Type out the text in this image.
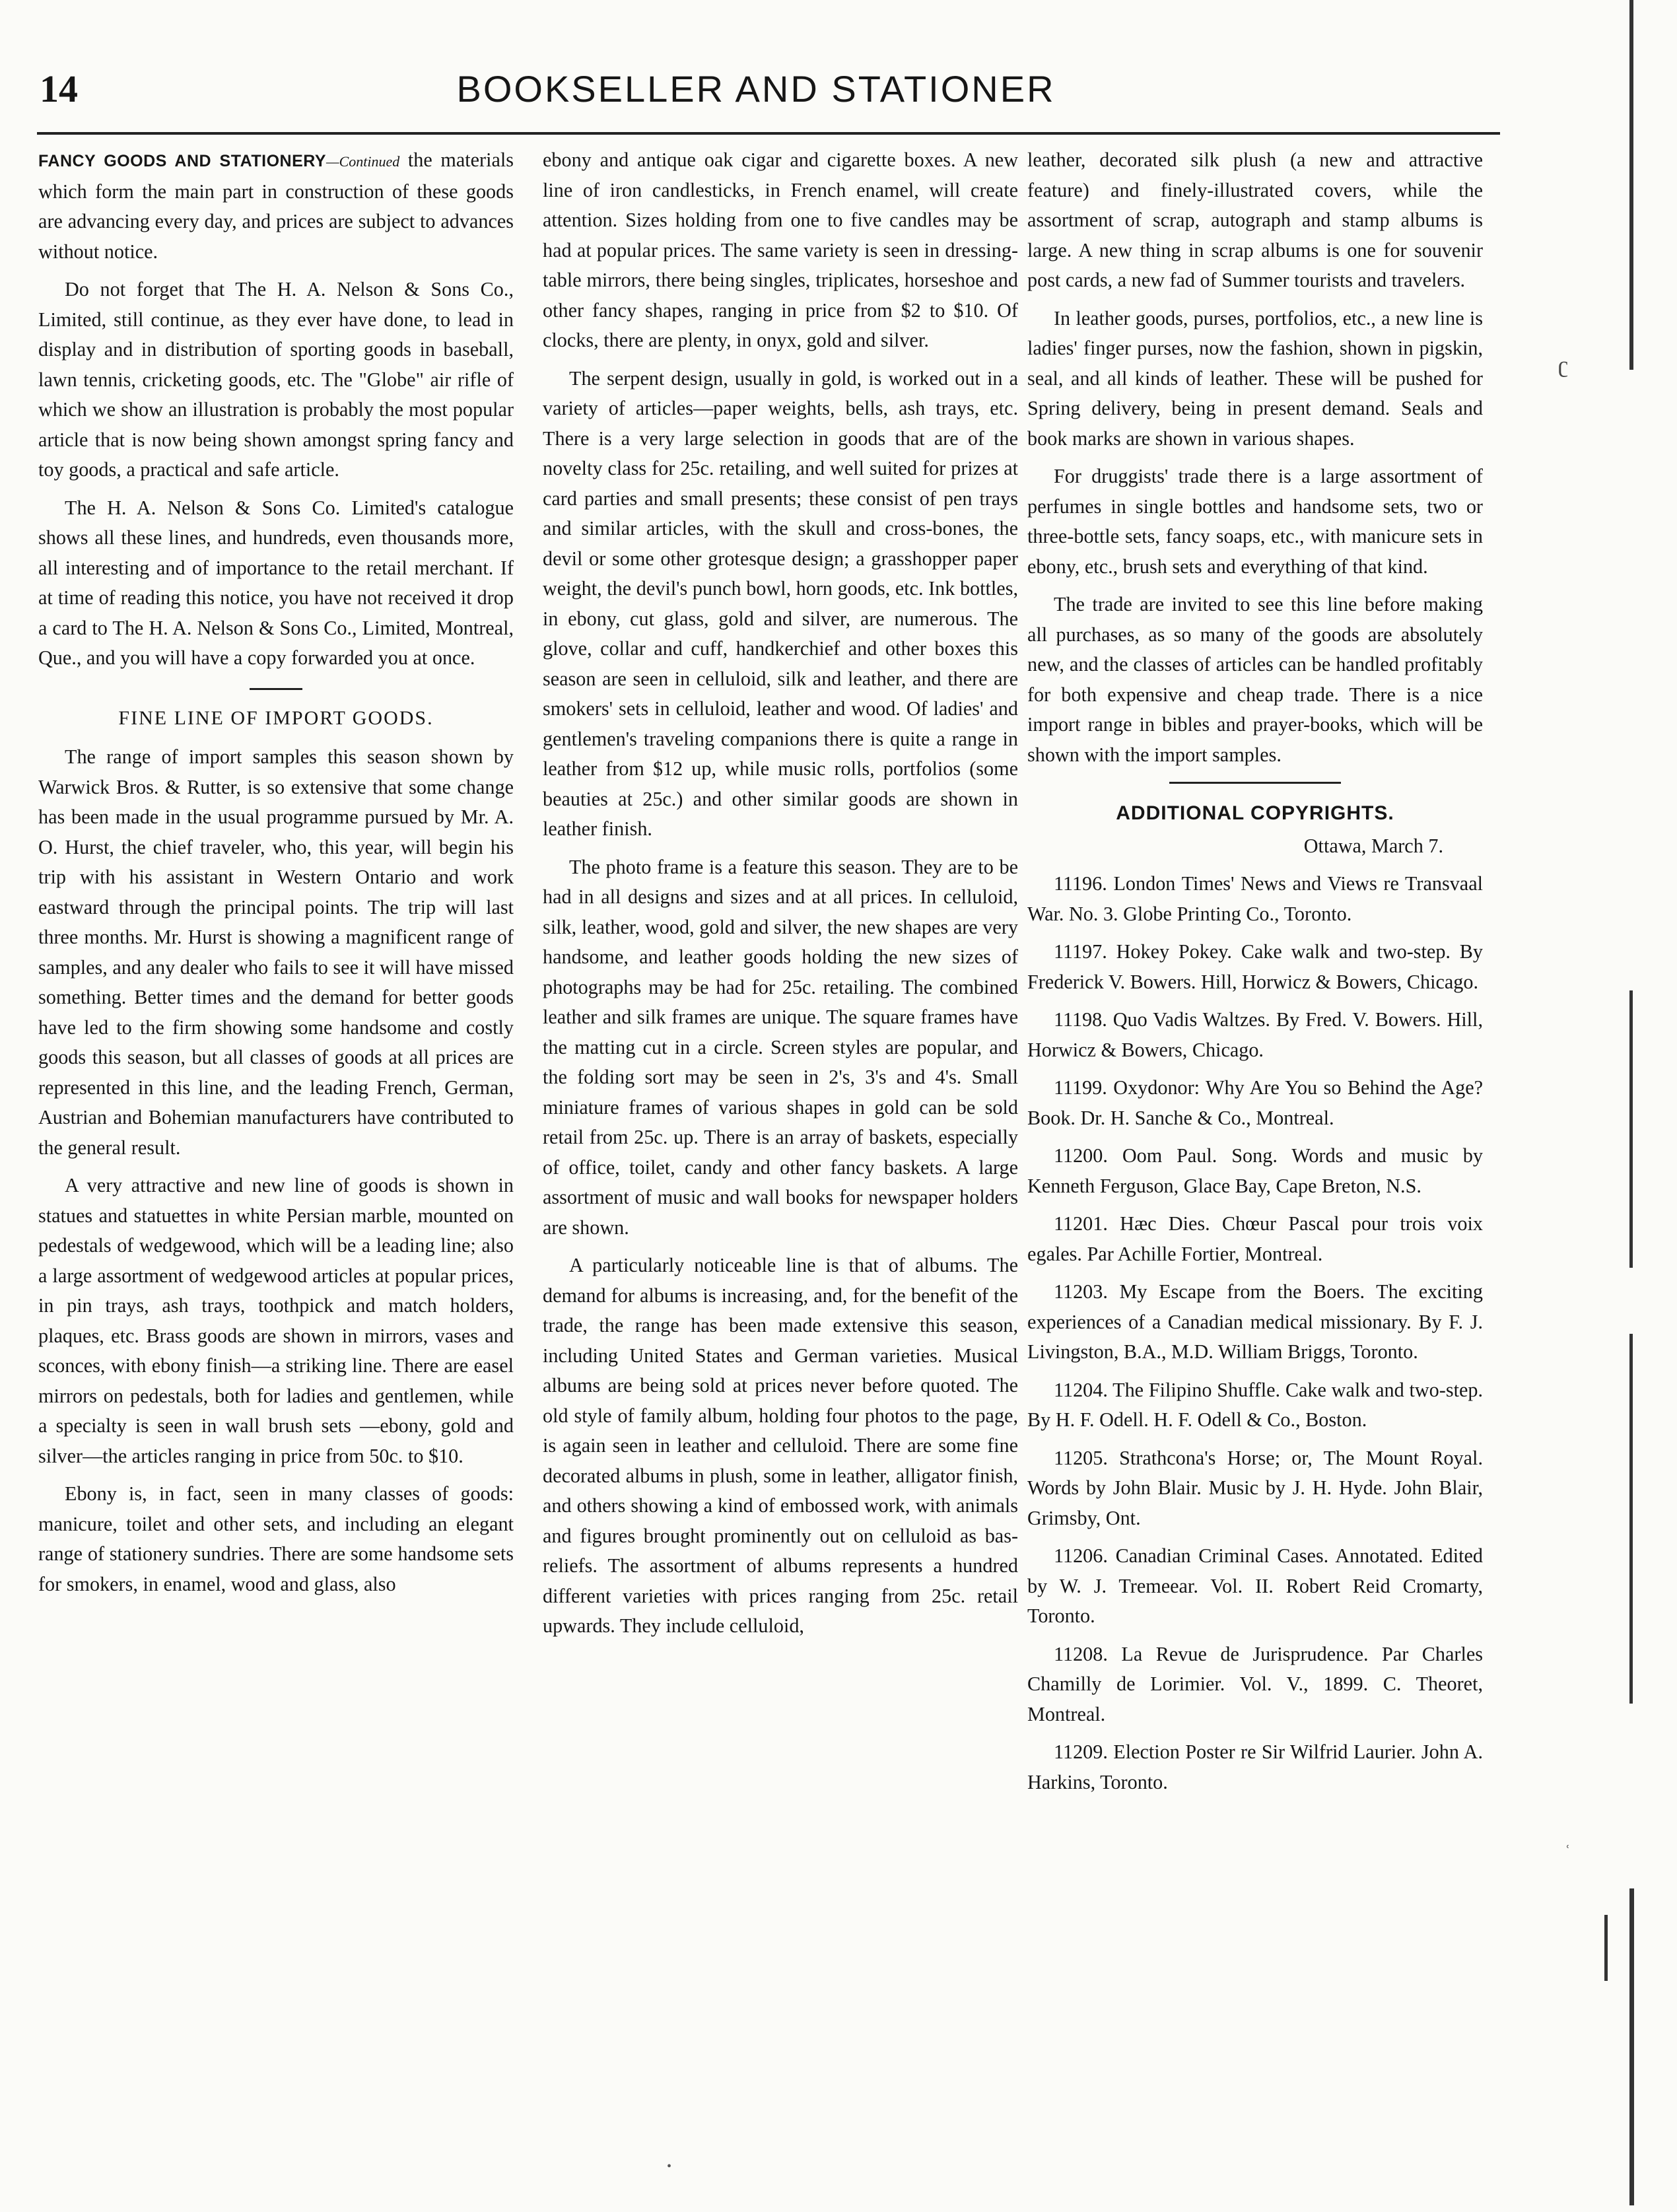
14	BOOKSELLER AND STATIONER

FANCY GOODS AND STATIONERY—Continued the materials which form the main part in construction of these goods are advancing every day, and prices are subject to advances without notice.

Do not forget that The H. A. Nelson & Sons Co., Limited, still continue, as they ever have done, to lead in display and in distribution of sporting goods in baseball, lawn tennis, cricketing goods, etc. The "Globe" air rifle of which we show an illustration is probably the most popular article that is now being shown amongst spring fancy and toy goods, a practical and safe article.

The H. A. Nelson & Sons Co. Limited's catalogue shows all these lines, and hundreds, even thousands more, all interesting and of importance to the retail merchant. If at time of reading this notice, you have not received it drop a card to The H. A. Nelson & Sons Co., Limited, Montreal, Que., and you will have a copy forwarded you at once.

FINE LINE OF IMPORT GOODS.

The range of import samples this season shown by Warwick Bros. & Rutter, is so extensive that some change has been made in the usual programme pursued by Mr. A. O. Hurst, the chief traveler, who, this year, will begin his trip with his assistant in Western Ontario and work eastward through the principal points. The trip will last three months. Mr. Hurst is showing a magnificent range of samples, and any dealer who fails to see it will have missed something. Better times and the demand for better goods have led to the firm showing some handsome and costly goods this season, but all classes of goods at all prices are represented in this line, and the leading French, German, Austrian and Bohemian manufacturers have contributed to the general result.

A very attractive and new line of goods is shown in statues and statuettes in white Persian marble, mounted on pedestals of wedgewood, which will be a leading line; also a large assortment of wedgewood articles at popular prices, in pin trays, ash trays, toothpick and match holders, plaques, etc. Brass goods are shown in mirrors, vases and sconces, with ebony finish—a striking line. There are easel mirrors on pedestals, both for ladies and gentlemen, while a specialty is seen in wall brush sets —ebony, gold and silver—the articles ranging in price from 50c. to $10.

Ebony is, in fact, seen in many classes of goods: manicure, toilet and other sets, and including an elegant range of stationery sundries. There are some handsome sets for smokers, in enamel, wood and glass, also

ebony and antique oak cigar and cigarette boxes. A new line of iron candlesticks, in French enamel, will create attention. Sizes holding from one to five candles may be had at popular prices. The same variety is seen in dressing-table mirrors, there being singles, triplicates, horseshoe and other fancy shapes, ranging in price from $2 to $10. Of clocks, there are plenty, in onyx, gold and silver.

The serpent design, usually in gold, is worked out in a variety of articles—paper weights, bells, ash trays, etc. There is a very large selection in goods that are of the novelty class for 25c. retailing, and well suited for prizes at card parties and small presents; these consist of pen trays and similar articles, with the skull and cross-bones, the devil or some other grotesque design; a grasshopper paper weight, the devil's punch bowl, horn goods, etc. Ink bottles, in ebony, cut glass, gold and silver, are numerous. The glove, collar and cuff, handkerchief and other boxes this season are seen in celluloid, silk and leather, and there are smokers' sets in celluloid, leather and wood. Of ladies' and gentlemen's traveling companions there is quite a range in leather from $12 up, while music rolls, portfolios (some beauties at 25c.) and other similar goods are shown in leather finish.

The photo frame is a feature this season. They are to be had in all designs and sizes and at all prices. In celluloid, silk, leather, wood, gold and silver, the new shapes are very handsome, and leather goods holding the new sizes of photographs may be had for 25c. retailing. The combined leather and silk frames are unique. The square frames have the matting cut in a circle. Screen styles are popular, and the folding sort may be seen in 2's, 3's and 4's. Small miniature frames of various shapes in gold can be sold retail from 25c. up. There is an array of baskets, especially of office, toilet, candy and other fancy baskets. A large assortment of music and wall books for newspaper holders are shown.

A particularly noticeable line is that of albums. The demand for albums is increasing, and, for the benefit of the trade, the range has been made extensive this season, including United States and German varieties. Musical albums are being sold at prices never before quoted. The old style of family album, holding four photos to the page, is again seen in leather and celluloid. There are some fine decorated albums in plush, some in leather, alligator finish, and others showing a kind of embossed work, with animals and figures brought prominently out on celluloid as bas-reliefs. The assortment of albums represents a hundred different varieties with prices ranging from 25c. retail upwards. They include celluloid,

leather, decorated silk plush (a new and attractive feature) and finely-illustrated covers, while the assortment of scrap, autograph and stamp albums is large. A new thing in scrap albums is one for souvenir post cards, a new fad of Summer tourists and travelers.

In leather goods, purses, portfolios, etc., a new line is ladies' finger purses, now the fashion, shown in pigskin, seal, and all kinds of leather. These will be pushed for Spring delivery, being in present demand. Seals and book marks are shown in various shapes.

For druggists' trade there is a large assortment of perfumes in single bottles and handsome sets, two or three-bottle sets, fancy soaps, etc., with manicure sets in ebony, etc., brush sets and everything of that kind.

The trade are invited to see this line before making all purchases, as so many of the goods are absolutely new, and the classes of articles can be handled profitably for both expensive and cheap trade. There is a nice import range in bibles and prayer-books, which will be shown with the import samples.

ADDITIONAL COPYRIGHTS.
Ottawa, March 7.

11196. London Times' News and Views re Transvaal War. No. 3. Globe Printing Co., Toronto.

11197. Hokey Pokey. Cake walk and two-step. By Frederick V. Bowers. Hill, Horwicz & Bowers, Chicago.

11198. Quo Vadis Waltzes. By Fred. V. Bowers. Hill, Horwicz & Bowers, Chicago.

11199. Oxydonor: Why Are You so Behind the Age? Book. Dr. H. Sanche & Co., Montreal.

11200. Oom Paul. Song. Words and music by Kenneth Ferguson, Glace Bay, Cape Breton, N.S.

11201. Hæc Dies. Chœur Pascal pour trois voix egales. Par Achille Fortier, Montreal.

11203. My Escape from the Boers. The exciting experiences of a Canadian medical missionary. By F. J. Livingston, B.A., M.D. William Briggs, Toronto.

11204. The Filipino Shuffle. Cake walk and two-step. By H. F. Odell. H. F. Odell & Co., Boston.

11205. Strathcona's Horse; or, The Mount Royal. Words by John Blair. Music by J. H. Hyde. John Blair, Grimsby, Ont.

11206. Canadian Criminal Cases. Annotated. Edited by W. J. Tremeear. Vol. II. Robert Reid Cromarty, Toronto.

11208. La Revue de Jurisprudence. Par Charles Chamilly de Lorimier. Vol. V., 1899. C. Theoret, Montreal.

11209. Election Poster re Sir Wilfrid Laurier. John A. Harkins, Toronto.

ʗ
ʿ
•
